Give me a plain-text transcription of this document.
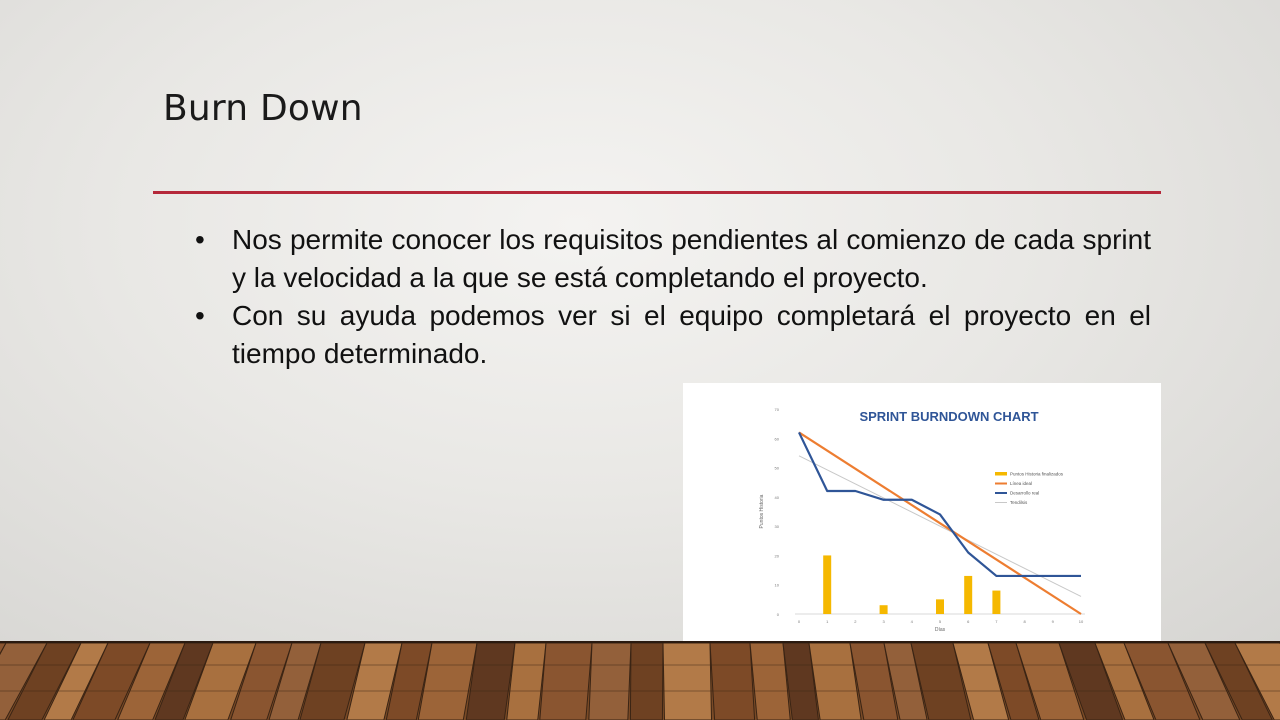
Burn Down
• Nos permite conocer los requisitos pendientes al comienzo de cada sprint y la velocidad a la que se está completando el proyecto.
• Con su ayuda podemos ver si el equipo completará el proyecto en el tiempo determinado.
SPRINT BURNDOWN CHART
0
10
20
30
40
50
60
70
0	1	2	3	4	5	6	7	8	9	10
Días
Puntos Historia
Puntos Historia finalizados
Línea ideal
Desarrollo real
Tendilsis
